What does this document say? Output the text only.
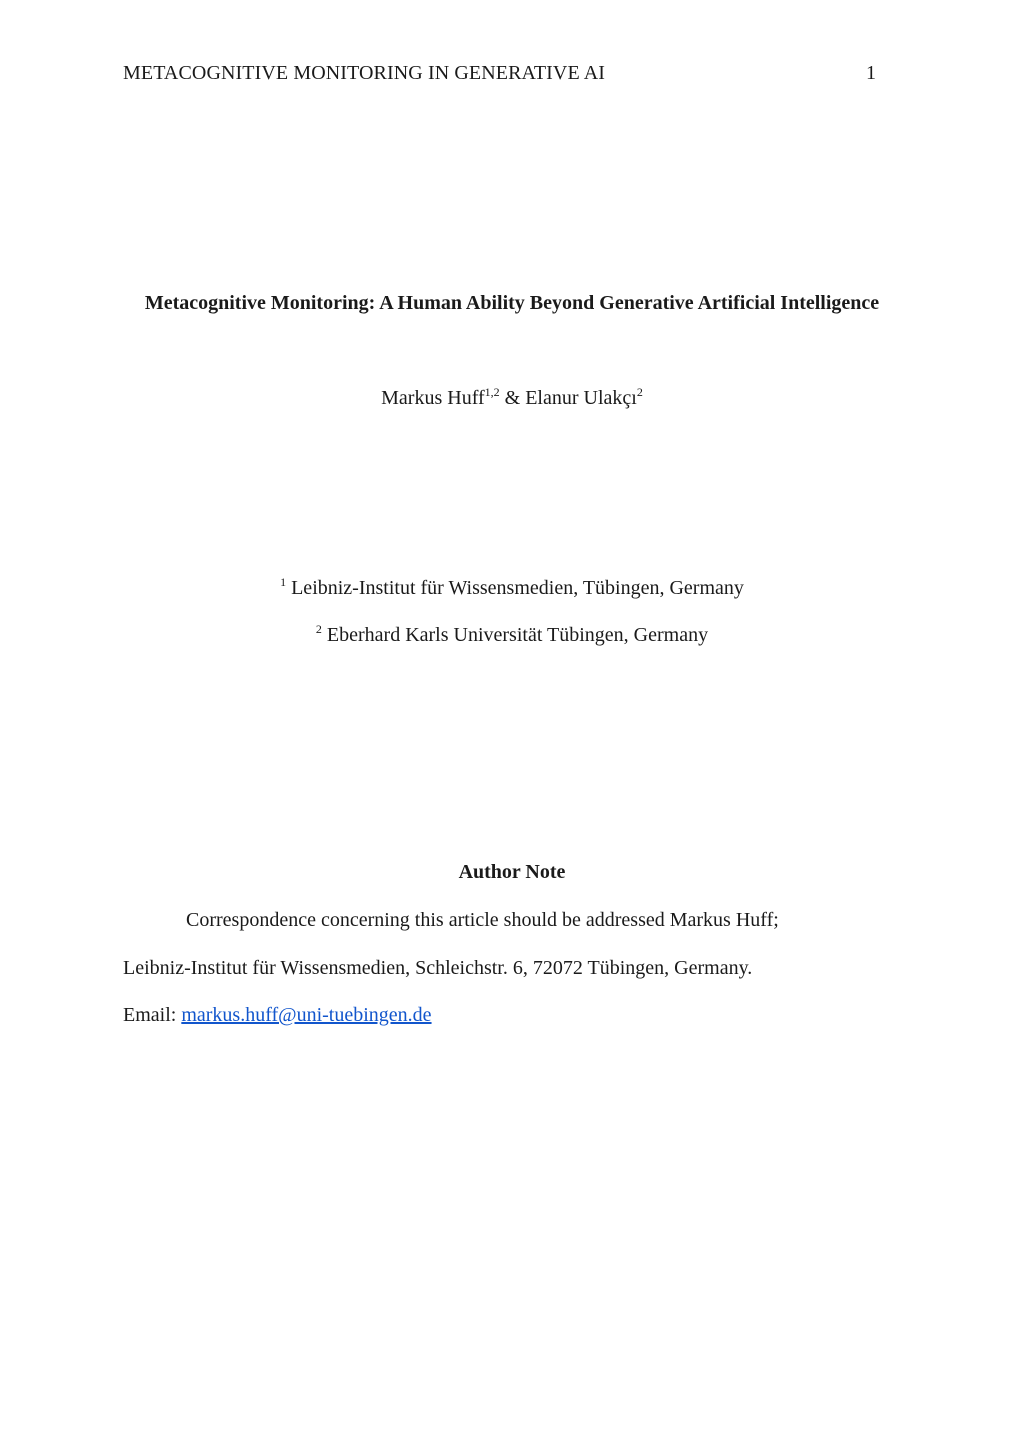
METACOGNITIVE MONITORING IN GENERATIVE AI	1
Metacognitive Monitoring: A Human Ability Beyond Generative Artificial Intelligence
Markus Huff$^{1,2}$ & Elanur Ulakçı$^2$
$^1$ Leibniz-Institut für Wissensmedien, Tübingen, Germany
$^2$ Eberhard Karls Universität Tübingen, Germany
Author Note
Correspondence concerning this article should be addressed Markus Huff;
Leibniz-Institut für Wissensmedien, Schleichstr. 6, 72072 Tübingen, Germany.
Email: markus.huff@uni-tuebingen.de
